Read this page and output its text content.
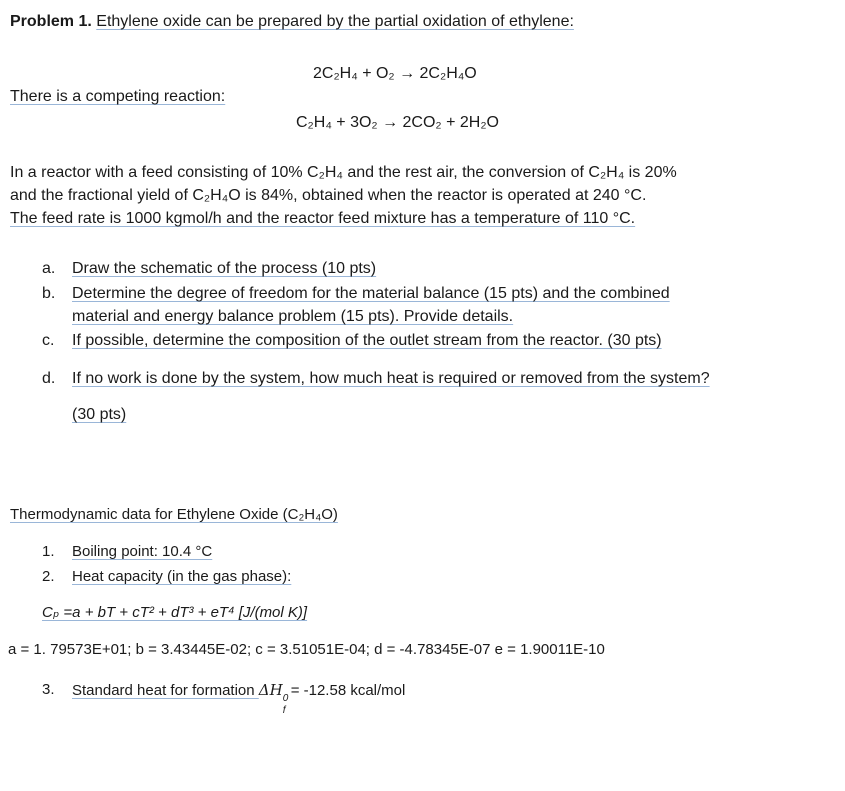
Problem 1. Ethylene oxide can be prepared by the partial oxidation of ethylene:
2C₂H₄ + O₂ → 2C₂H₄O
There is a competing reaction:
C₂H₄ + 3O₂ → 2CO₂ + 2H₂O
In a reactor with a feed consisting of 10% C₂H₄ and the rest air, the conversion of C₂H₄ is 20%
and the fractional yield of C₂H₄O is 84%, obtained when the reactor is operated at 240 °C.
The feed rate is 1000 kgmol/h and the reactor feed mixture has a temperature of 110 °C.
a. Draw the schematic of the process (10 pts)
b. Determine the degree of freedom for the material balance (15 pts) and the combined
material and energy balance problem (15 pts). Provide details.
c. If possible, determine the composition of the outlet stream from the reactor. (30 pts)
d. If no work is done by the system, how much heat is required or removed from the system?
(30 pts)
Thermodynamic data for Ethylene Oxide (C₂H₄O)
1. Boiling point: 10.4 °C
2. Heat capacity (in the gas phase):
Cₚ =a + bT + cT² + dT³ + eT⁴ [J/(mol K)]
a = 1. 79573E+01; b = 3.43445E-02; c = 3.51051E-04; d = -4.78345E-07 e = 1.90011E-10
3. Standard heat for formation ΔH 0
f
= -12.58 kcal/mol
